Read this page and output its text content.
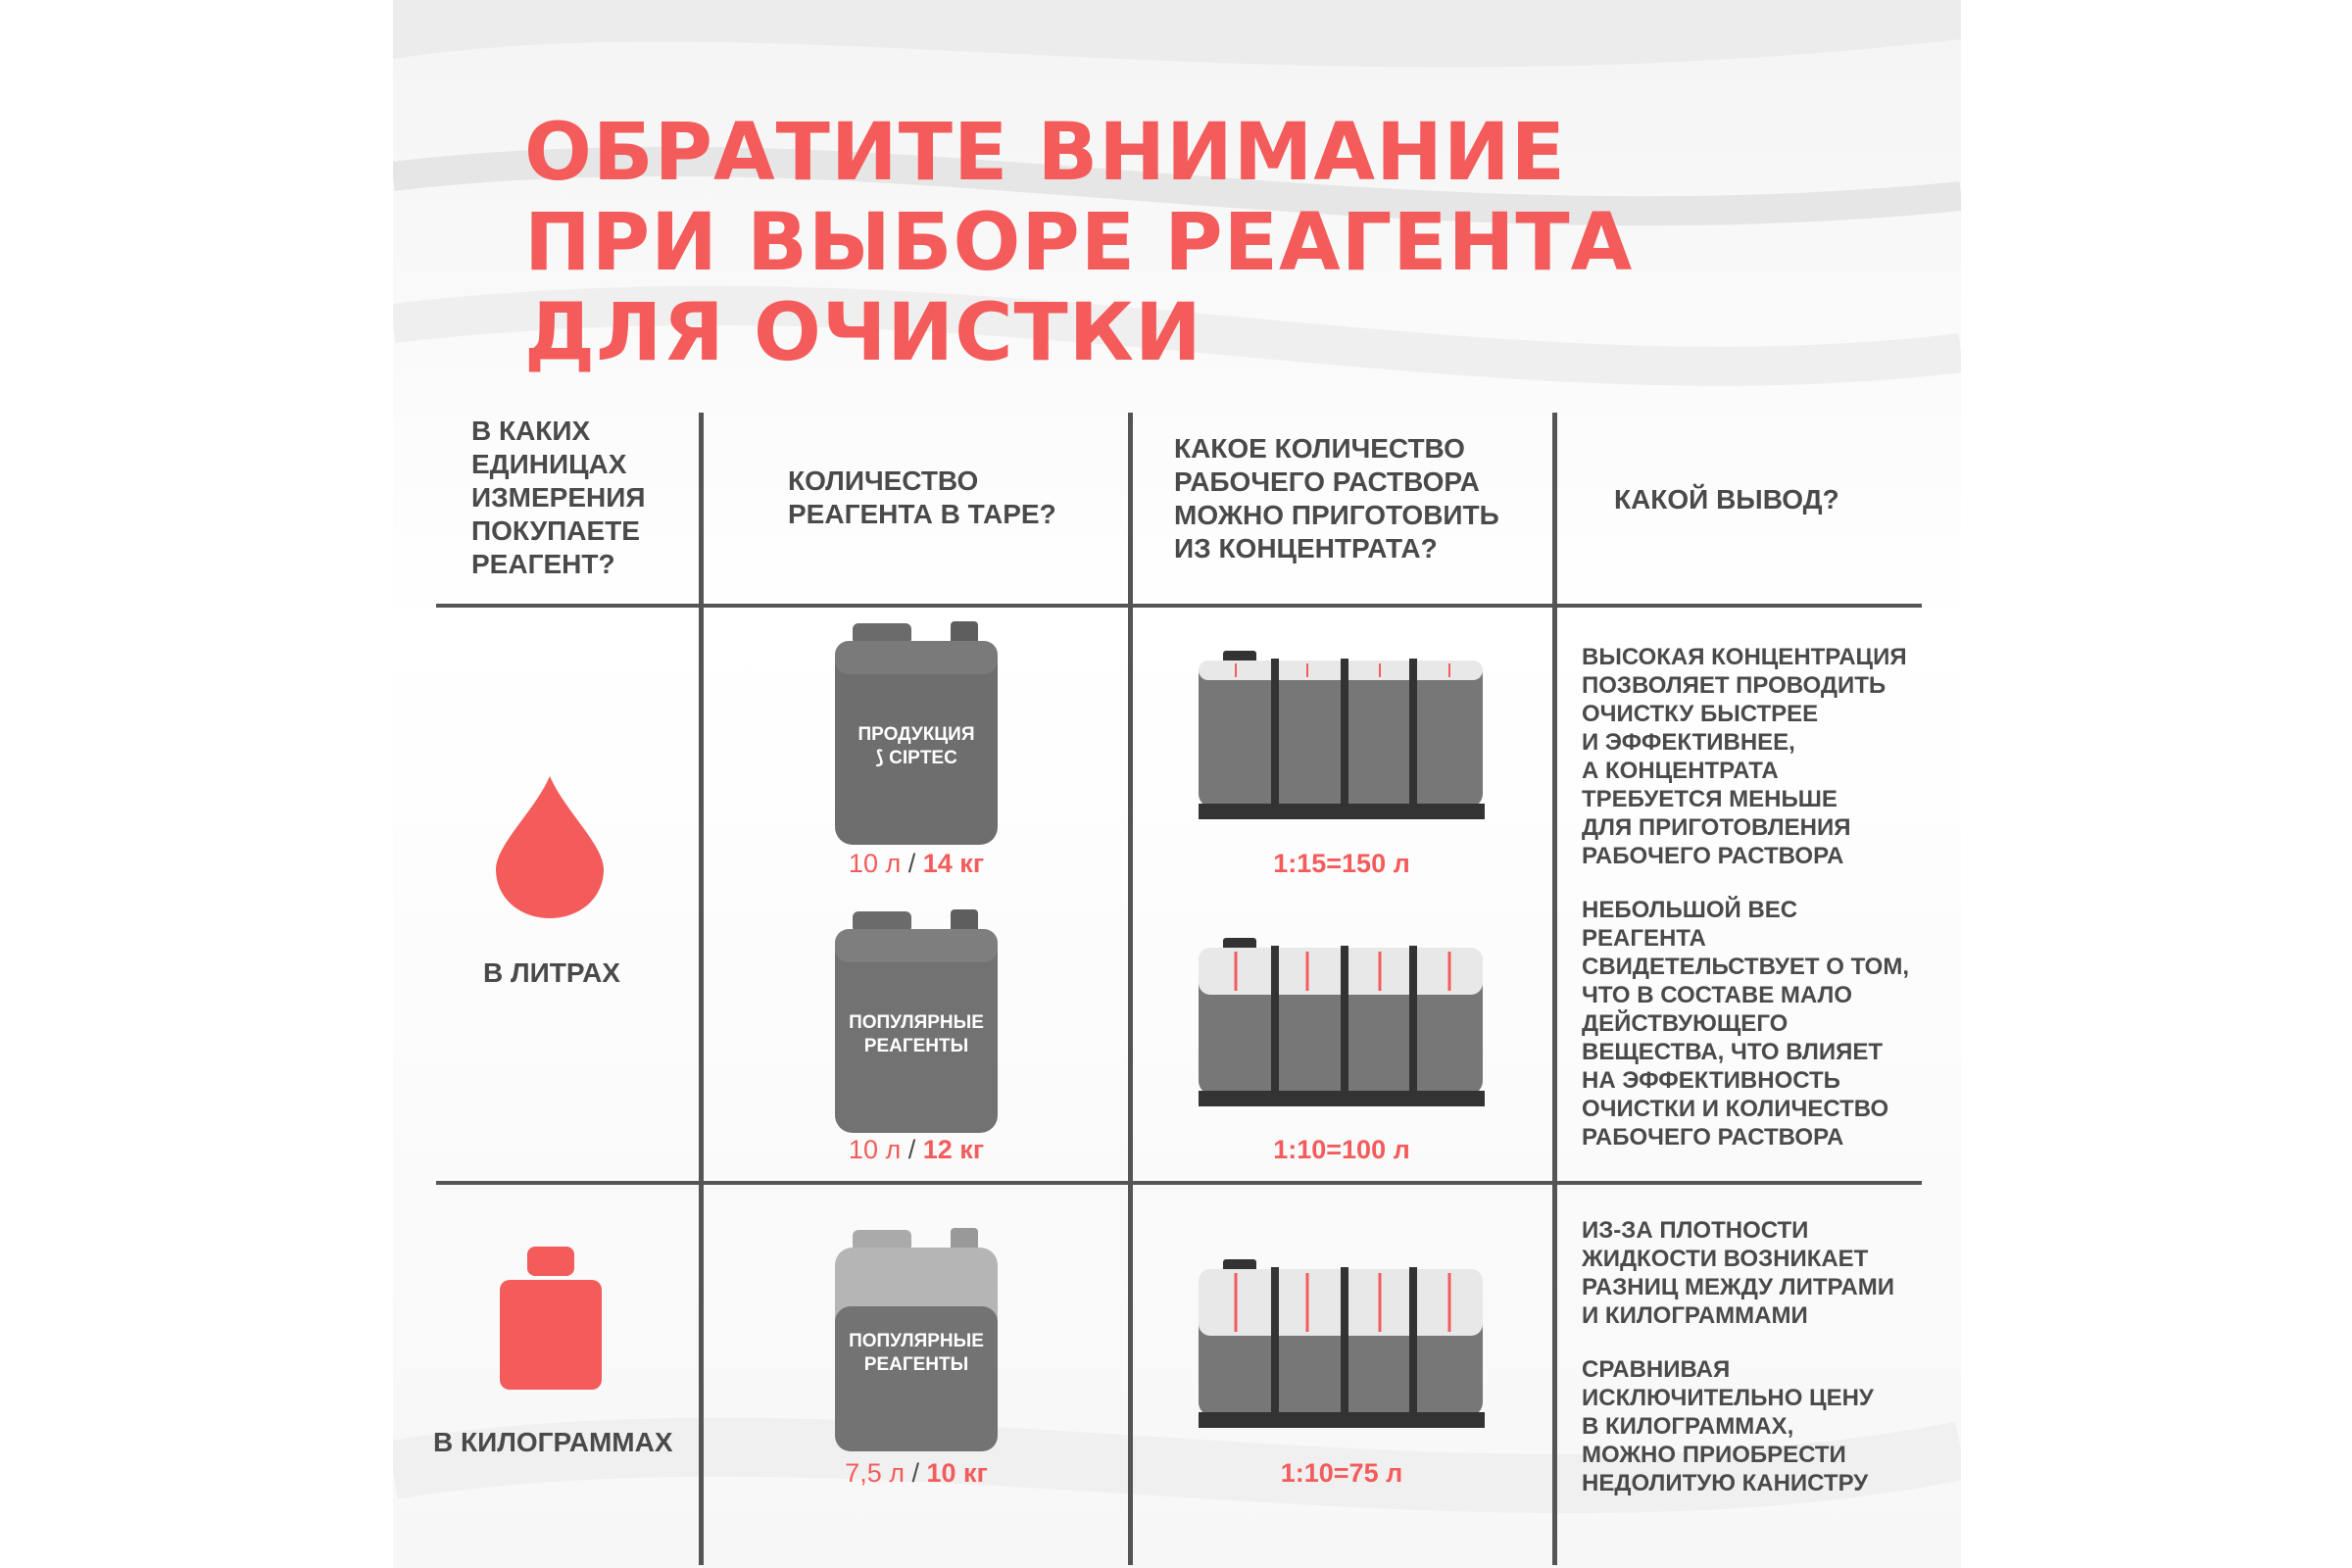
ОБРАТИТЕ ВНИМАНИЕ
ПРИ ВЫБОРЕ РЕАГЕНТА
ДЛЯ ОЧИСТКИ
В КАКИХ
ЕДИНИЦАХ
ИЗМЕРЕНИЯ
ПОКУПАЕТЕ
РЕАГЕНТ?
КОЛИЧЕСТВО
РЕАГЕНТА В ТАРЕ?
КАКОЕ КОЛИЧЕСТВО
РАБОЧЕГО РАСТВОРА
МОЖНО ПРИГОТОВИТЬ
ИЗ КОНЦЕНТРАТА?
КАКОЙ ВЫВОД?
В ЛИТРАХ
ПРОДУКЦИЯ
⟆ CIPTEC
10 л / 14 кг
ПОПУЛЯРНЫЕ
РЕАГЕНТЫ
10 л / 12 кг
1:15=150 л
1:10=100 л
ВЫСОКАЯ КОНЦЕНТРАЦИЯ
ПОЗВОЛЯЕТ ПРОВОДИТЬ
ОЧИСТКУ БЫСТРЕЕ
И ЭФФЕКТИВНЕЕ,
А КОНЦЕНТРАТА
ТРЕБУЕТСЯ МЕНЬШЕ
ДЛЯ ПРИГОТОВЛЕНИЯ
РАБОЧЕГО РАСТВОРА
НЕБОЛЬШОЙ ВЕС
РЕАГЕНТА
СВИДЕТЕЛЬСТВУЕТ О ТОМ,
ЧТО В СОСТАВЕ МАЛО
ДЕЙСТВУЮЩЕГО
ВЕЩЕСТВА, ЧТО ВЛИЯЕТ
НА ЭФФЕКТИВНОСТЬ
ОЧИСТКИ И КОЛИЧЕСТВО
РАБОЧЕГО РАСТВОРА
В КИЛОГРАММАХ
ПОПУЛЯРНЫЕ
РЕАГЕНТЫ
7,5 л / 10 кг	1:10=75 л
ИЗ-ЗА ПЛОТНОСТИ
ЖИДКОСТИ ВОЗНИКАЕТ
РАЗНИЦ МЕЖДУ ЛИТРАМИ
И КИЛОГРАММАМИ
СРАВНИВАЯ
ИСКЛЮЧИТЕЛЬНО ЦЕНУ
В КИЛОГРАММАХ,
МОЖНО ПРИОБРЕСТИ
НЕДОЛИТУЮ КАНИСТРУ
